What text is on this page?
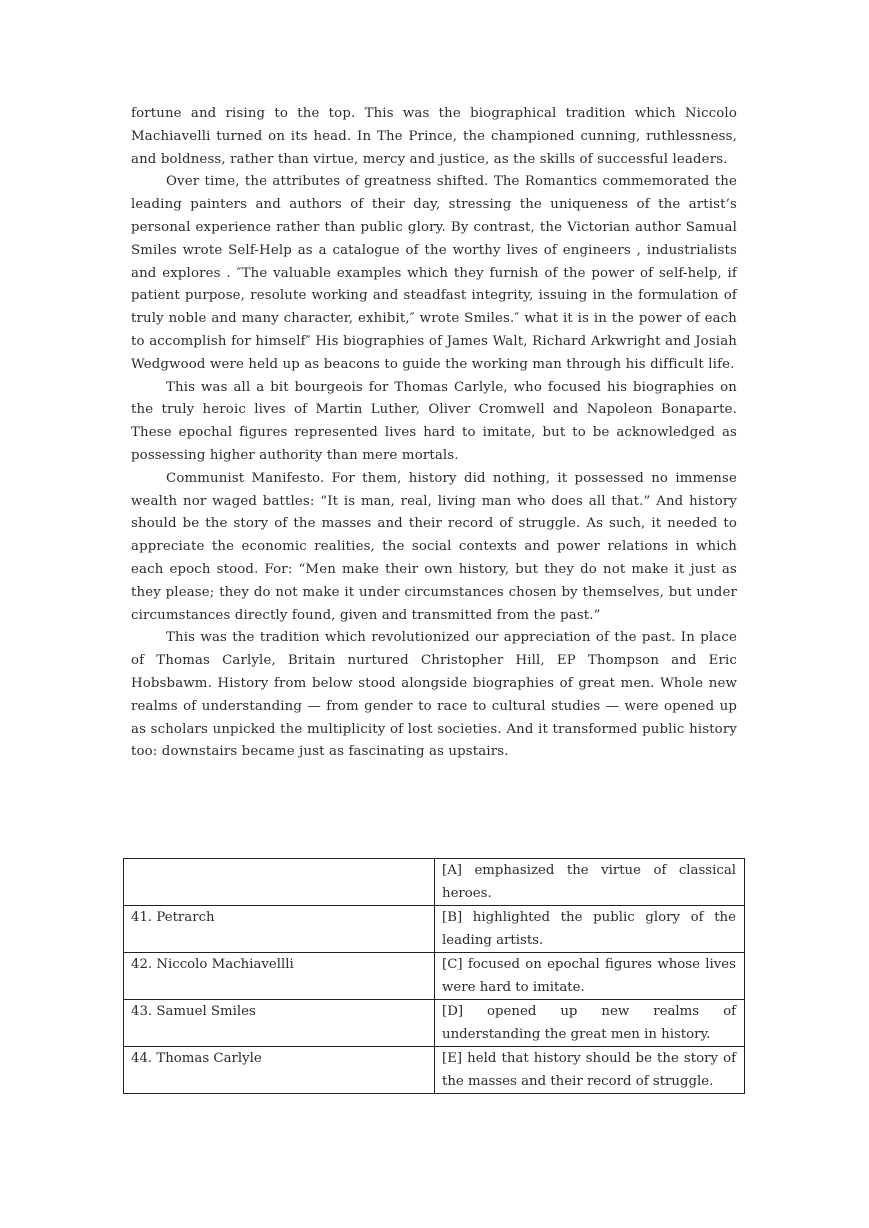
fortune and rising to the top. This was the biographical tradition which Niccolo Machiavelli turned on its head. In The Prince, the championed cunning, ruthlessness, and boldness, rather than virtue, mercy and justice, as the skills of successful leaders.

Over time, the attributes of greatness shifted. The Romantics commemorated the leading painters and authors of their day, stressing the uniqueness of the artist’s personal experience rather than public glory. By contrast, the Victorian author Samual Smiles wrote Self-Help as a catalogue of the worthy lives of engineers , industrialists and explores . ″The valuable examples which they furnish of the power of self-help, if patient purpose, resolute working and steadfast integrity, issuing in the formulation of truly noble and many character, exhibit,″ wrote Smiles.″ what it is in the power of each to accomplish for himself″ His biographies of James Walt, Richard Arkwright and Josiah Wedgwood were held up as beacons to guide the working man through his difficult life.

This was all a bit bourgeois for Thomas Carlyle, who focused his biographies on the truly heroic lives of Martin Luther, Oliver Cromwell and Napoleon Bonaparte. These epochal figures represented lives hard to imitate, but to be acknowledged as possessing higher authority than mere mortals.

Communist Manifesto. For them, history did nothing, it possessed no immense wealth nor waged battles: “It is man, real, living man who does all that.” And history should be the story of the masses and their record of struggle. As such, it needed to appreciate the economic realities, the social contexts and power relations in which each epoch stood. For: “Men make their own history, but they do not make it just as they please; they do not make it under circumstances chosen by themselves, but under circumstances directly found, given and transmitted from the past.”

This was the tradition which revolutionized our appreciation of the past. In place of Thomas Carlyle, Britain nurtured Christopher Hill, EP Thompson and Eric Hobsbawm. History from below stood alongside biographies of great men. Whole new realms of understanding — from gender to race to cultural studies — were opened up as scholars unpicked the multiplicity of lost societies. And it transformed public history too: downstairs became just as fascinating as upstairs.

	[A] emphasized the virtue of classical heroes.
41. Petrarch	[B] highlighted the public glory of the leading artists.
42. Niccolo Machiavellli	[C] focused on epochal figures whose lives were hard to imitate.
43. Samuel Smiles	[D] opened up new realms of understanding the great men in history.
44. Thomas Carlyle	[E] held that history should be the story of the masses and their record of struggle.
